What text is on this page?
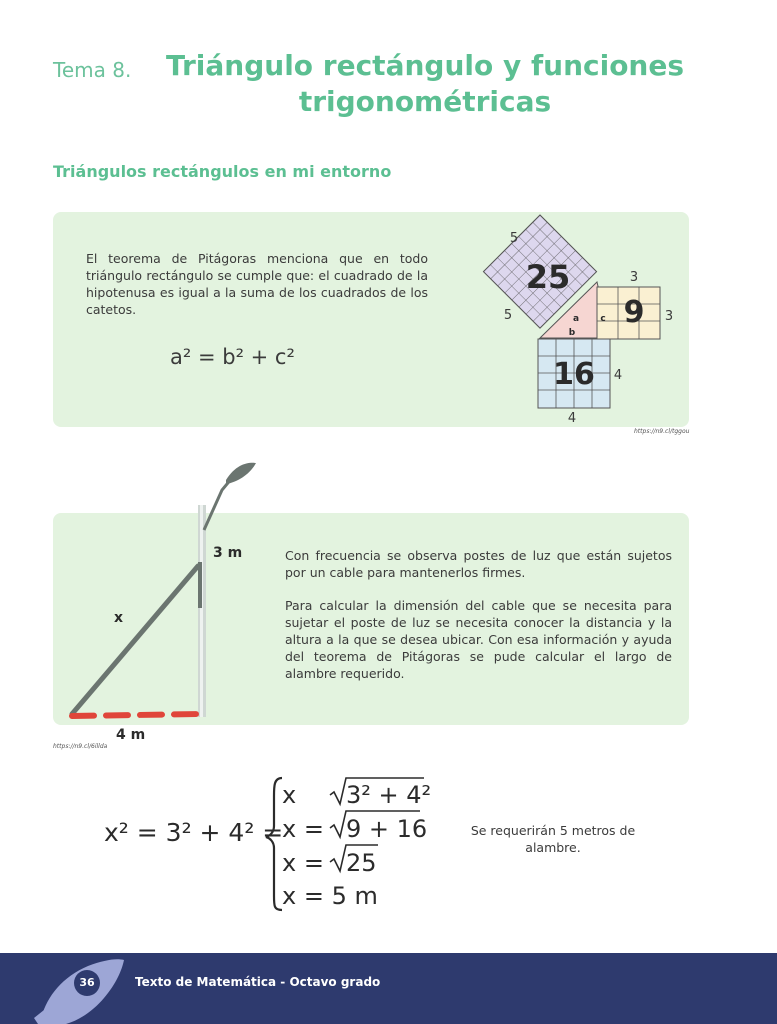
Tema 8.	Triángulo rectángulo y funciones
trigonométricas
Triángulos rectángulos en mi entorno
El teorema de Pitágoras menciona que en todo triángulo rectángulo se cumple que: el cuadrado de la hipotenusa es igual a la suma de los cuadrados de los catetos.
a² = b² + c²
25
9
16
5
5
3
3
4
4
a
b
c
https://n9.cl/tggou
3 m
x
4 m
Con frecuencia se observa postes de luz que están sujetos por un cable para mantenerlos firmes.
Para calcular la dimensión del cable que se necesita para sujetar el poste de luz se necesita conocer la distancia y la altura a la que se desea ubicar. Con esa información y ayuda del teorema de Pitágoras se pude calcular el largo de alambre requerido.
https://n9.cl/6illda
x² = 3² + 4² =
x 3² + 4²
x = 9 + 16
x = 25
x = 5 m
Se requerirán 5 metros de alambre.
36	Texto de Matemática - Octavo grado
